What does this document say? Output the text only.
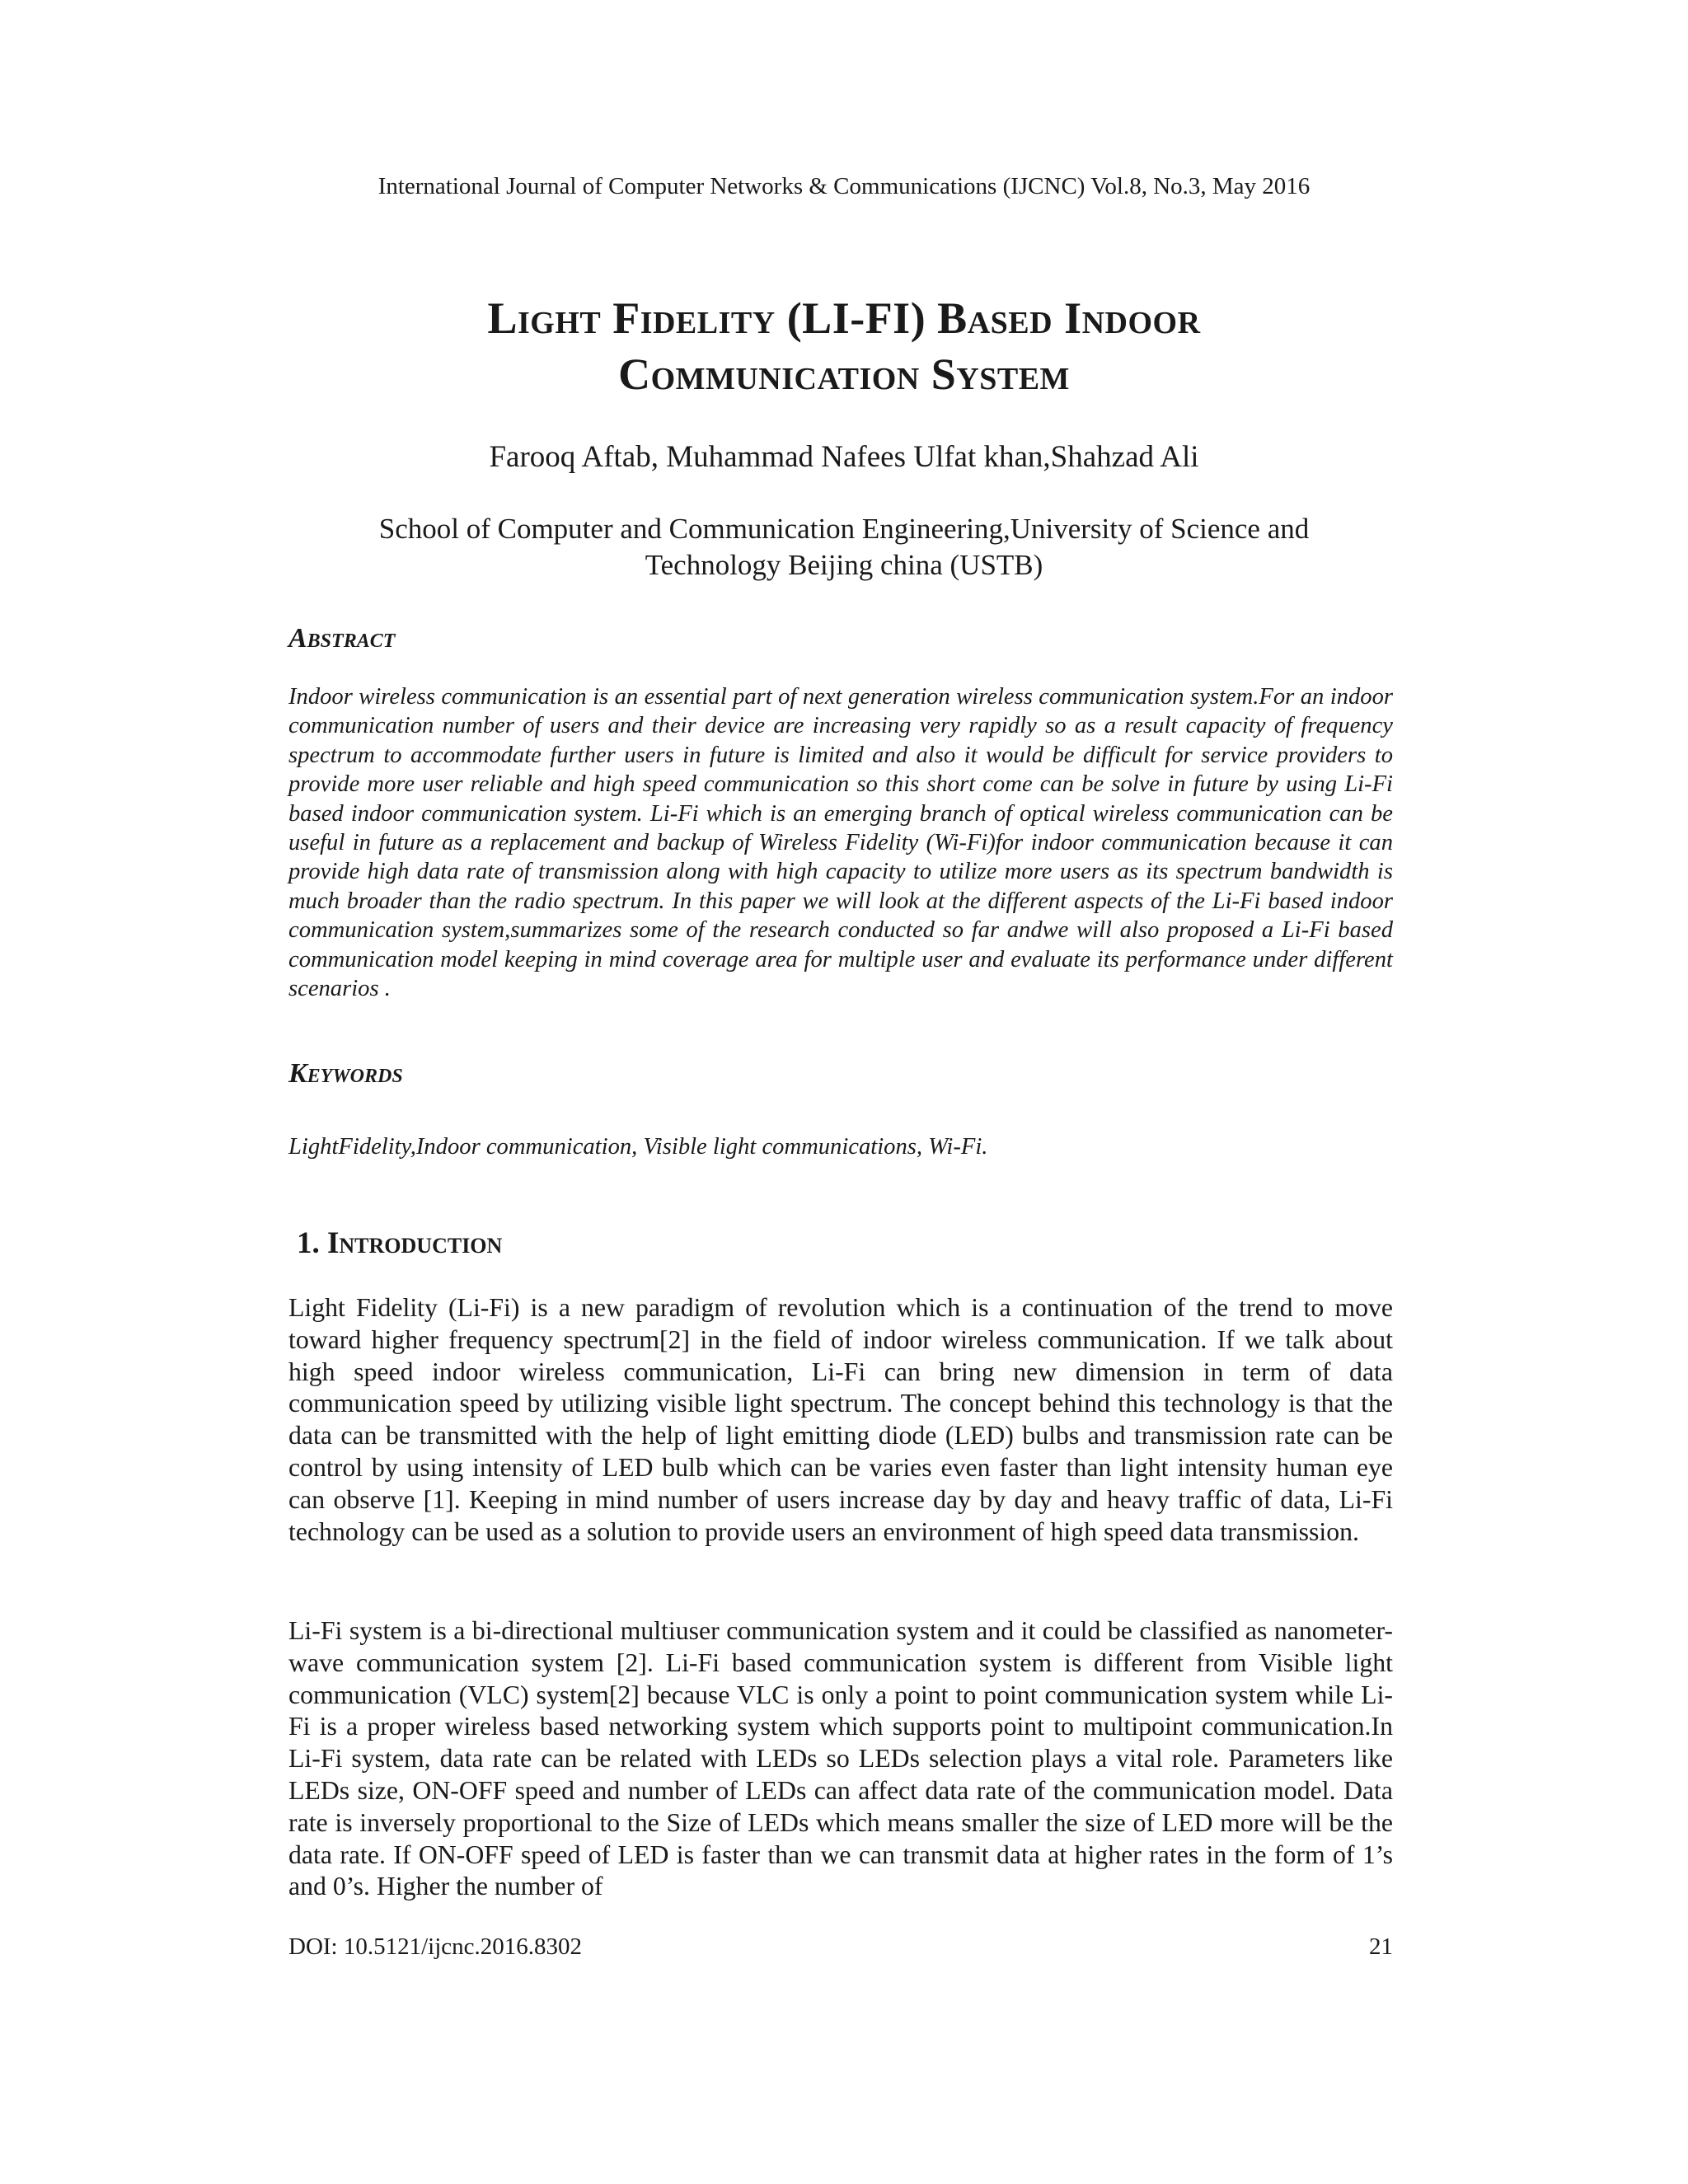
International Journal of Computer Networks & Communications (IJCNC) Vol.8, No.3, May 2016
Light Fidelity (LI-FI) Based Indoor
Communication System
Farooq Aftab, Muhammad Nafees Ulfat khan,Shahzad Ali
School of Computer and Communication Engineering,University of Science and
Technology Beijing china (USTB)
Abstract
Indoor wireless communication is an essential part of next generation wireless communication system.For an indoor communication number of users and their device are increasing very rapidly so as a result capacity of frequency spectrum to accommodate further users in future is limited and also it would be difficult for service providers to provide more user reliable and high speed communication so this short come can be solve in future by using Li-Fi based indoor communication system. Li-Fi which is an emerging branch of optical wireless communication can be useful in future as a replacement and backup of Wireless Fidelity (Wi-Fi)for indoor communication because it can provide high data rate of transmission along with high capacity to utilize more users as its spectrum bandwidth is much broader than the radio spectrum. In this paper we will look at the different aspects of the Li-Fi based indoor communication system,summarizes some of the research conducted so far andwe will also proposed a Li-Fi based communication model keeping in mind coverage area for multiple user and evaluate its performance under different scenarios .
Keywords
LightFidelity,Indoor communication, Visible light communications, Wi-Fi.
1. Introduction
Light Fidelity (Li-Fi) is a new paradigm of revolution which is a continuation of the trend to move toward higher frequency spectrum[2] in the field of indoor wireless communication. If we talk about high speed indoor wireless communication, Li-Fi can bring new dimension in term of data communication speed by utilizing visible light spectrum. The concept behind this technology is that the data can be transmitted with the help of light emitting diode (LED) bulbs and transmission rate can be control by using intensity of LED bulb which can be varies even faster than light intensity human eye can observe [1]. Keeping in mind number of users increase day by day and heavy traffic of data, Li-Fi technology can be used as a solution to provide users an environment of high speed data transmission.
Li-Fi system is a bi-directional multiuser communication system and it could be classified as nanometer-wave communication system [2]. Li-Fi based communication system is different from Visible light communication (VLC) system[2] because VLC is only a point to point communication system while Li-Fi is a proper wireless based networking system which supports point to multipoint communication.In Li-Fi system, data rate can be related with LEDs so LEDs selection plays a vital role. Parameters like LEDs size, ON-OFF speed and number of LEDs can affect data rate of the communication model. Data rate is inversely proportional to the Size of LEDs which means smaller the size of LED more will be the data rate. If ON-OFF speed of LED is faster than we can transmit data at higher rates in the form of 1’s and 0’s. Higher the number of
DOI: 10.5121/ijcnc.2016.8302	21
